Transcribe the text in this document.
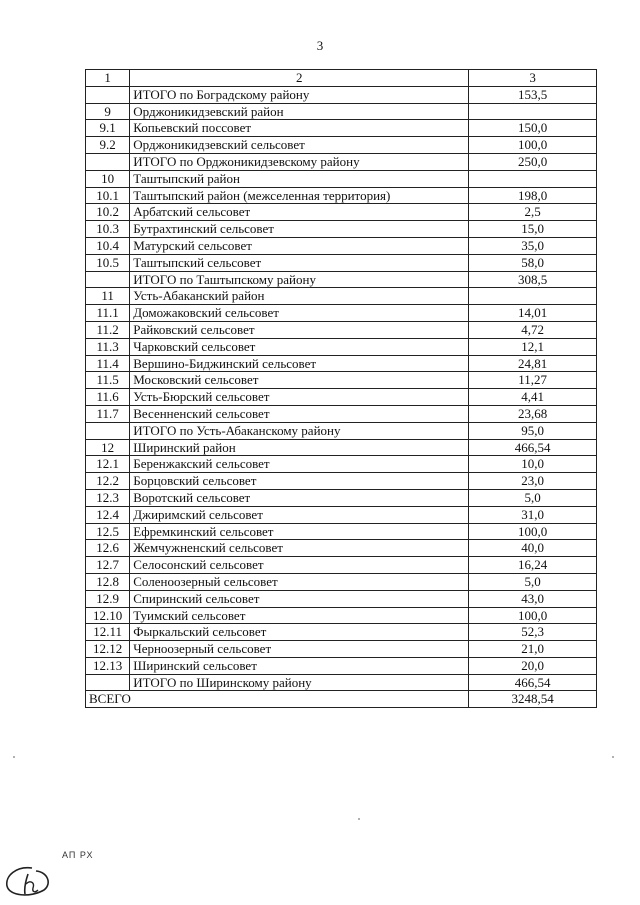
3
1	2	3
	ИТОГО по Боградскому району	153,5
9	Орджоникидзевский район	
9.1	Копьевский поссовет	150,0
9.2	Орджоникидзевский сельсовет	100,0
	ИТОГО по Орджоникидзевскому району	250,0
10	Таштыпский район	
10.1	Таштыпский район (межселенная территория)	198,0
10.2	Арбатский сельсовет	2,5
10.3	Бутрахтинский сельсовет	15,0
10.4	Матурский сельсовет	35,0
10.5	Таштыпский сельсовет	58,0
	ИТОГО по Таштыпскому району	308,5
11	Усть-Абаканский район	
11.1	Доможаковский сельсовет	14,01
11.2	Райковский сельсовет	4,72
11.3	Чарковский сельсовет	12,1
11.4	Вершино-Биджинский сельсовет	24,81
11.5	Московский сельсовет	11,27
11.6	Усть-Бюрский сельсовет	4,41
11.7	Весенненский сельсовет	23,68
	ИТОГО по Усть-Абаканскому району	95,0
12	Ширинский район	466,54
12.1	Беренжакский сельсовет	10,0
12.2	Борцовский сельсовет	23,0
12.3	Воротский сельсовет	5,0
12.4	Джиримский сельсовет	31,0
12.5	Ефремкинский сельсовет	100,0
12.6	Жемчужненский сельсовет	40,0
12.7	Селосонский сельсовет	16,24
12.8	Соленоозерный сельсовет	5,0
12.9	Спиринский сельсовет	43,0
12.10	Туимский сельсовет	100,0
12.11	Фыркальский сельсовет	52,3
12.12	Черноозерный сельсовет	21,0
12.13	Ширинский сельсовет	20,0
	ИТОГО по Ширинскому району	466,54
ВСЕГО		3248,54
АП РХ
